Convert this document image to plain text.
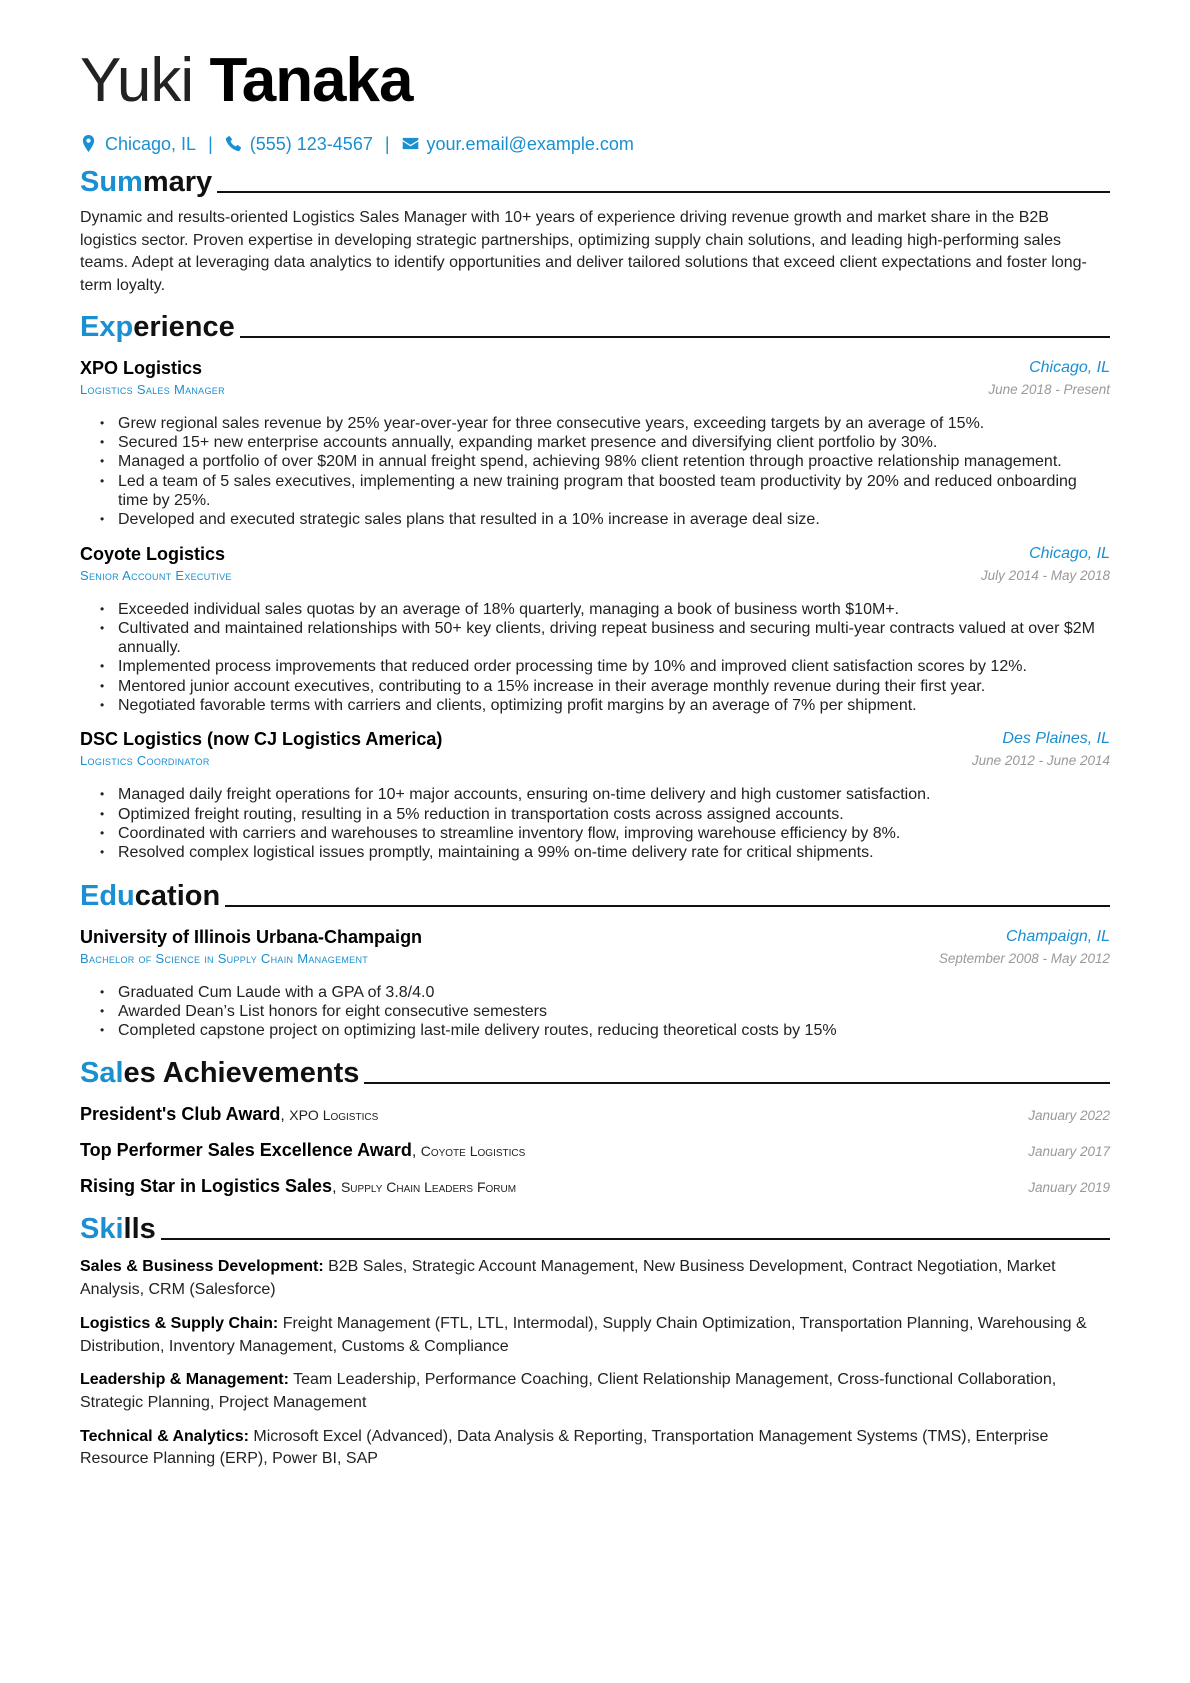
Yuki Tanaka
Chicago, IL |	(555) 123-4567 |	your.email@example.com
Summary

Dynamic and results-oriented Logistics Sales Manager with 10+ years of experience driving revenue growth and market share in the B2B logistics sector. Proven expertise in developing strategic partnerships, optimizing supply chain solutions, and leading high-performing sales teams. Adept at leveraging data analytics to identify opportunities and deliver tailored solutions that exceed client expectations and foster long-term loyalty.

Experience
XPO Logistics	Chicago, IL
Logistics Sales Manager	June 2018 - Present
• Grew regional sales revenue by 25% year-over-year for three consecutive years, exceeding targets by an average of 15%.
• Secured 15+ new enterprise accounts annually, expanding market presence and diversifying client portfolio by 30%.
• Managed a portfolio of over $20M in annual freight spend, achieving 98% client retention through proactive relationship management.
• Led a team of 5 sales executives, implementing a new training program that boosted team productivity by 20% and reduced onboarding time by 25%.
• Developed and executed strategic sales plans that resulted in a 10% increase in average deal size.
Coyote Logistics	Chicago, IL
Senior Account Executive	July 2014 - May 2018
• Exceeded individual sales quotas by an average of 18% quarterly, managing a book of business worth $10M+.
• Cultivated and maintained relationships with 50+ key clients, driving repeat business and securing multi-year contracts valued at over $2M annually.
• Implemented process improvements that reduced order processing time by 10% and improved client satisfaction scores by 12%.
• Mentored junior account executives, contributing to a 15% increase in their average monthly revenue during their first year.
• Negotiated favorable terms with carriers and clients, optimizing profit margins by an average of 7% per shipment.
DSC Logistics (now CJ Logistics America)	Des Plaines, IL
Logistics Coordinator	June 2012 - June 2014
• Managed daily freight operations for 10+ major accounts, ensuring on-time delivery and high customer satisfaction.
• Optimized freight routing, resulting in a 5% reduction in transportation costs across assigned accounts.
• Coordinated with carriers and warehouses to streamline inventory flow, improving warehouse efficiency by 8%.
• Resolved complex logistical issues promptly, maintaining a 99% on-time delivery rate for critical shipments.
Education
University of Illinois Urbana-Champaign	Champaign, IL
Bachelor of Science in Supply Chain Management	September 2008 - May 2012
• Graduated Cum Laude with a GPA of 3.8/4.0
• Awarded Dean’s List honors for eight consecutive semesters
• Completed capstone project on optimizing last-mile delivery routes, reducing theoretical costs by 15%
Sales Achievements
President's Club Award, XPO Logistics	January 2022
Top Performer Sales Excellence Award, Coyote Logistics	January 2017
Rising Star in Logistics Sales, Supply Chain Leaders Forum	January 2019
Skills
Sales & Business Development: B2B Sales, Strategic Account Management, New Business Development, Contract Negotiation, Market Analysis, CRM (Salesforce)
Logistics & Supply Chain: Freight Management (FTL, LTL, Intermodal), Supply Chain Optimization, Transportation Planning, Warehousing & Distribution, Inventory Management, Customs & Compliance
Leadership & Management: Team Leadership, Performance Coaching, Client Relationship Management, Cross-functional Collaboration, Strategic Planning, Project Management
Technical & Analytics: Microsoft Excel (Advanced), Data Analysis & Reporting, Transportation Management Systems (TMS), Enterprise Resource Planning (ERP), Power BI, SAP
